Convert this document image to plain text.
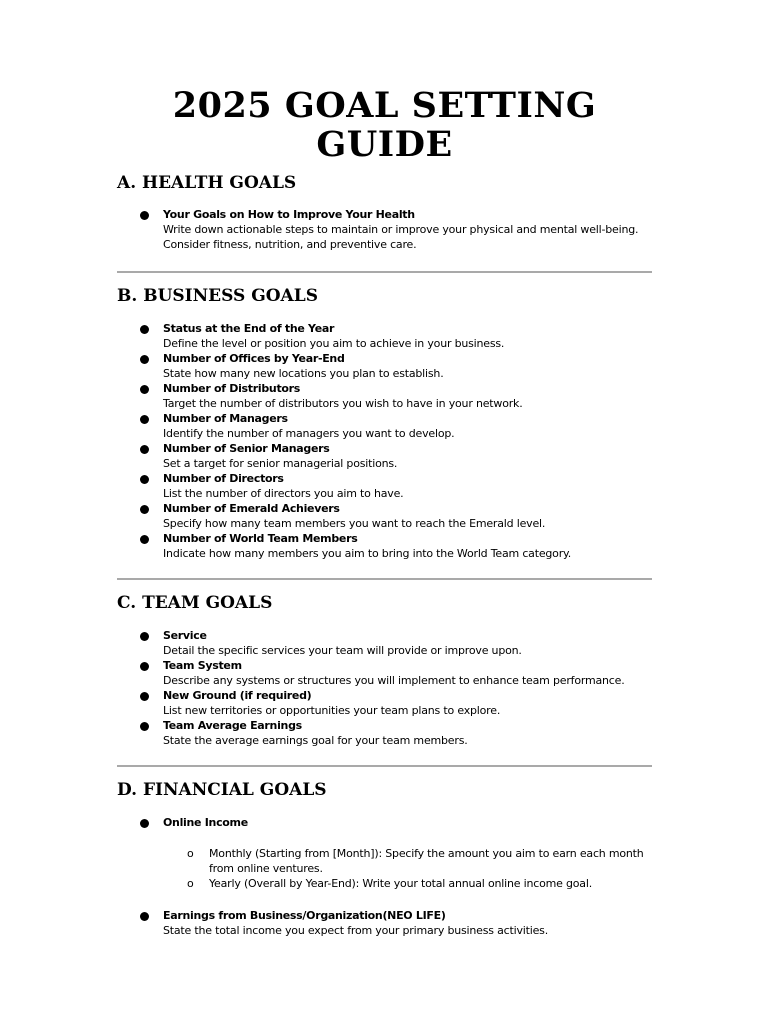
2025 GOAL SETTING
GUIDE
A. HEALTH GOALS
Your Goals on How to Improve Your Health
Write down actionable steps to maintain or improve your physical and mental well-being. Consider fitness, nutrition, and preventive care.
B. BUSINESS GOALS
Status at the End of the Year
Define the level or position you aim to achieve in your business.
Number of Offices by Year-End
State how many new locations you plan to establish.
Number of Distributors
Target the number of distributors you wish to have in your network.
Number of Managers
Identify the number of managers you want to develop.
Number of Senior Managers
Set a target for senior managerial positions.
Number of Directors
List the number of directors you aim to have.
Number of Emerald Achievers
Specify how many team members you want to reach the Emerald level.
Number of World Team Members
Indicate how many members you aim to bring into the World Team category.
C. TEAM GOALS
Service
Detail the specific services your team will provide or improve upon.
Team System
Describe any systems or structures you will implement to enhance team performance.
New Ground (if required)
List new territories or opportunities your team plans to explore.
Team Average Earnings
State the average earnings goal for your team members.
D. FINANCIAL GOALS
Online Income
o Monthly (Starting from [Month]): Specify the amount you aim to earn each month from online ventures.
o Yearly (Overall by Year-End): Write your total annual online income goal.
Earnings from Business/Organization(NEO LIFE)
State the total income you expect from your primary business activities.
